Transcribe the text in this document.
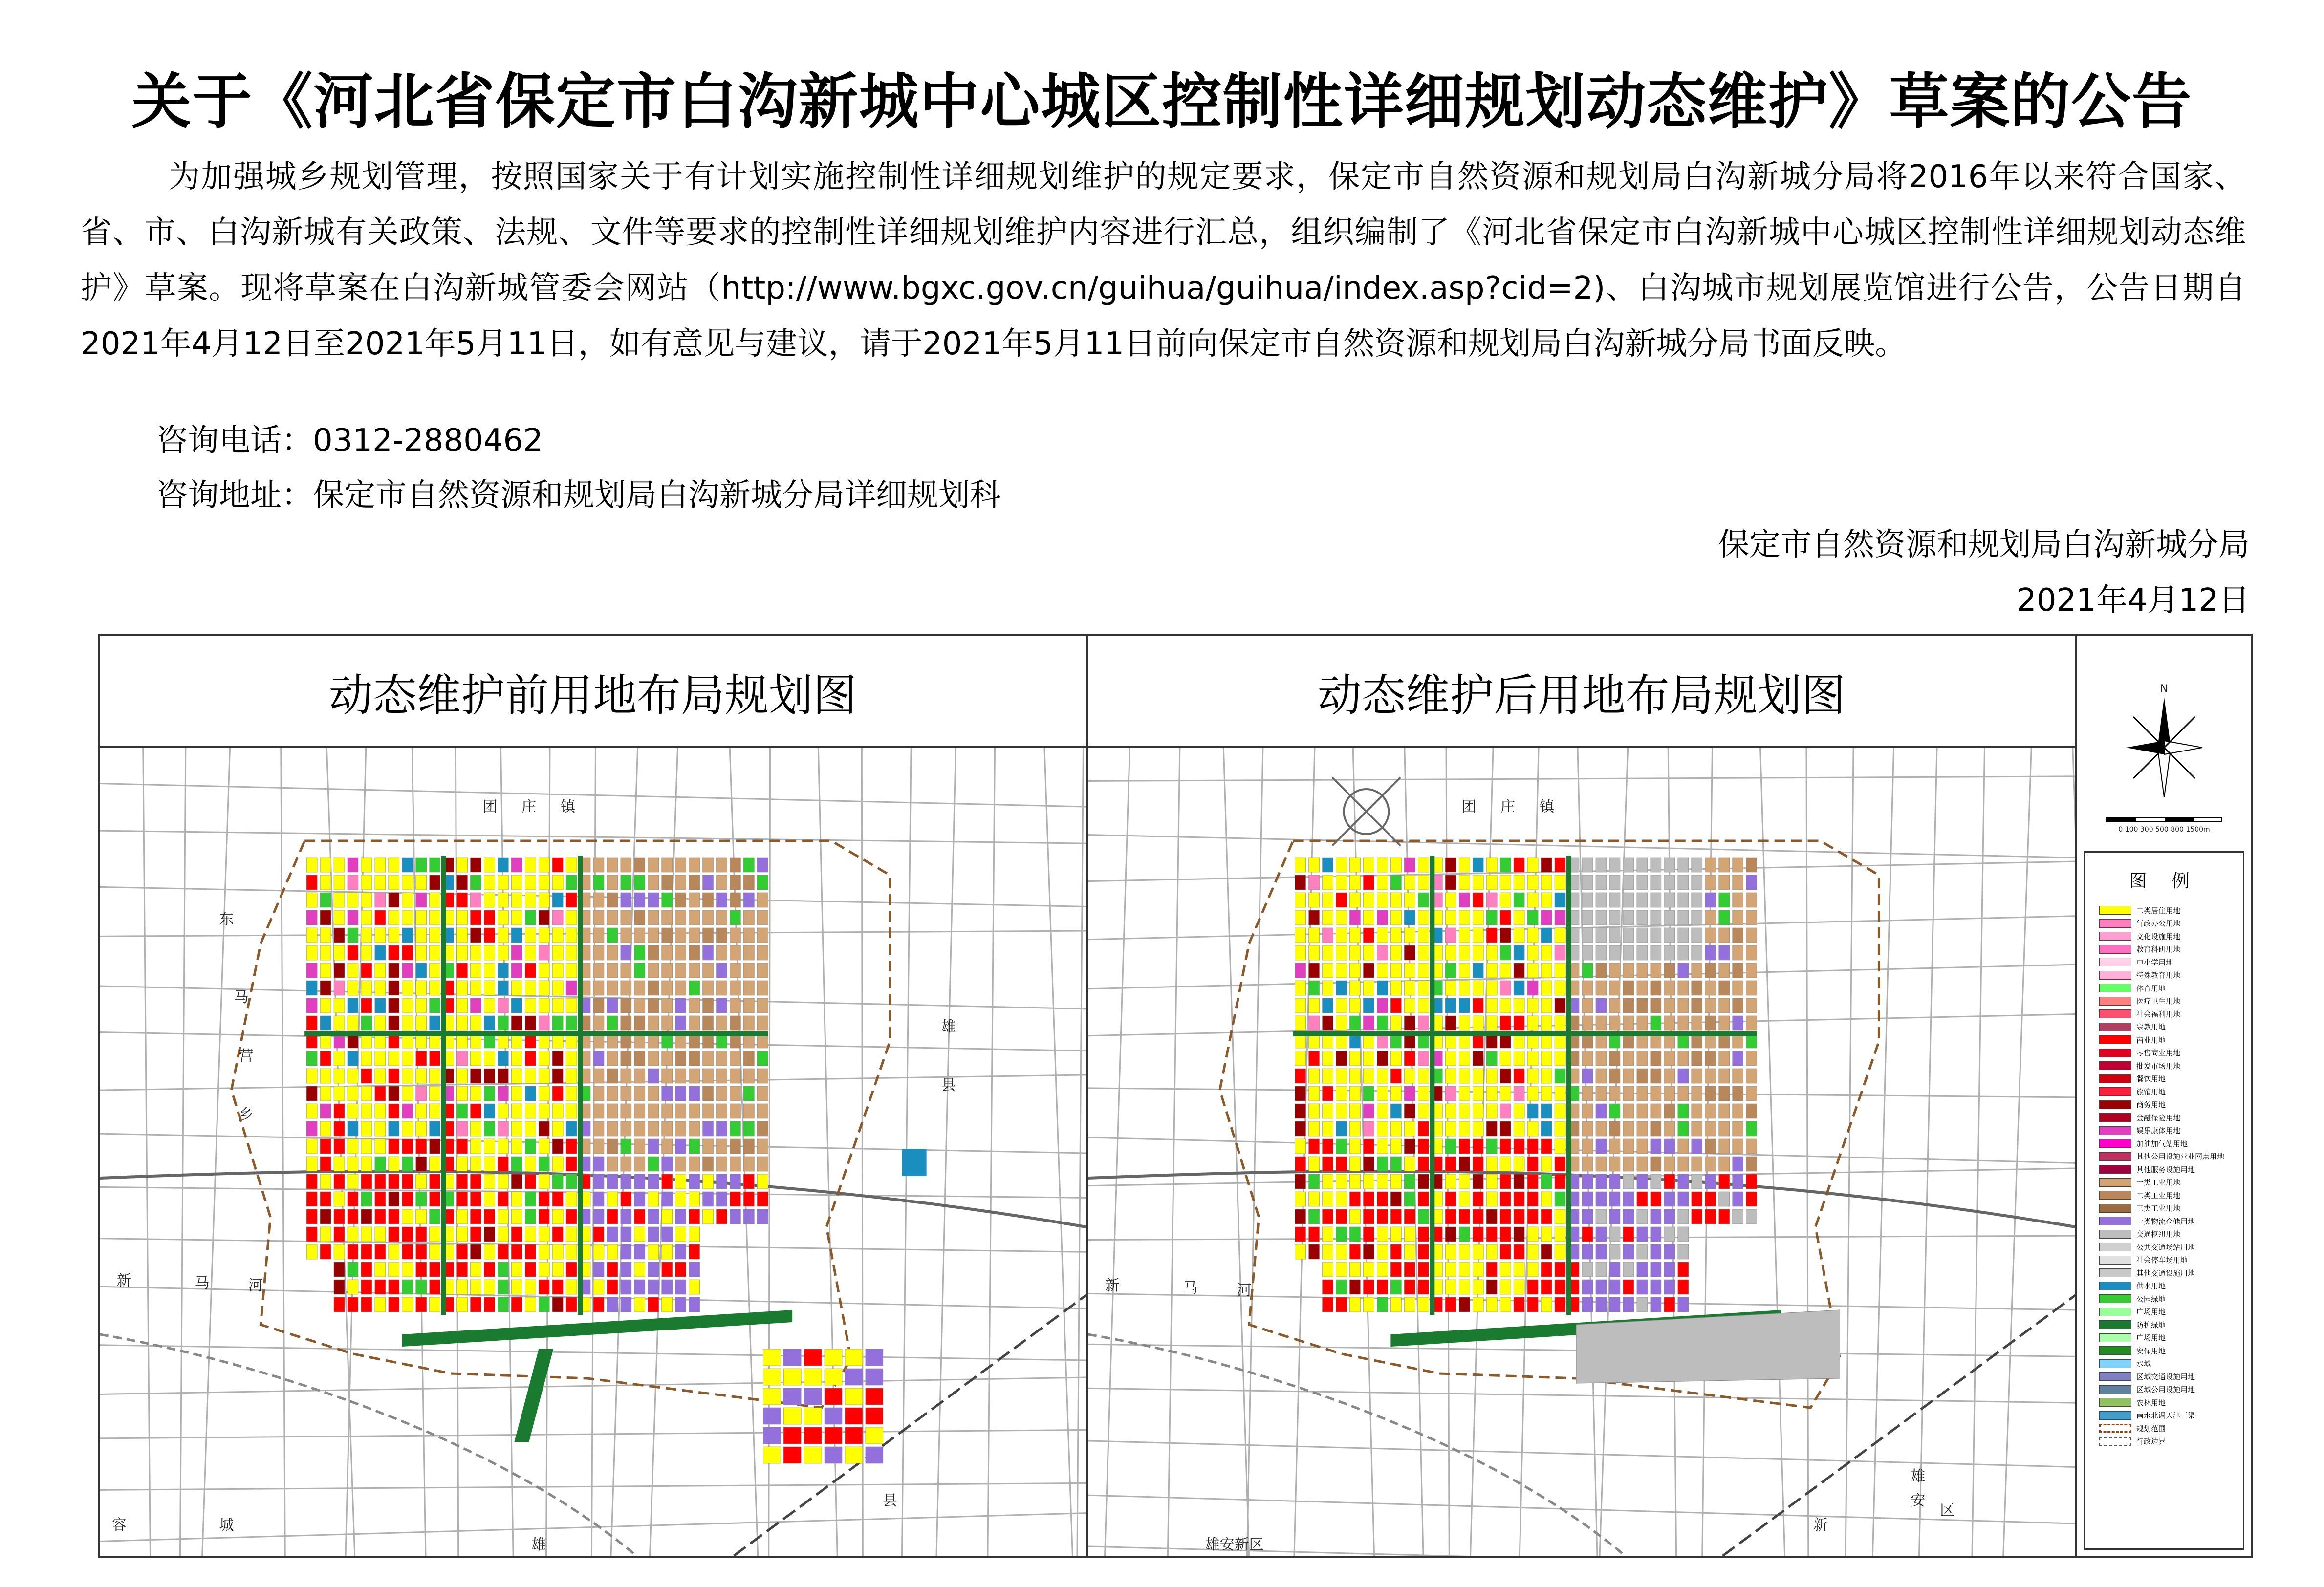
关于《河北省保定市白沟新城中心城区控制性详细规划动态维护》草案的公告

为加强城乡规划管理，按照国家关于有计划实施控制性详细规划维护的规定要求，保定市自然资源和规划局白沟新城分局将2016年以来符合国家、省、市、白沟新城有关政策、法规、文件等要求的控制性详细规划维护内容进行汇总，组织编制了《河北省保定市白沟新城中心城区控制性详细规划动态维护》草案。现将草案在白沟新城管委会网站（http://www.bgxc.gov.cn/guihua/guihua/index.asp?cid=2)、白沟城市规划展览馆进行公告，公告日期自2021年4月12日至2021年5月11日，如有意见与建议，请于2021年5月11日前向保定市自然资源和规划局白沟新城分局书面反映。

咨询电话：0312-2880462
咨询地址：保定市自然资源和规划局白沟新城分局详细规划科
保定市自然资源和规划局白沟新城分局
2021年4月12日
动态维护前用地布局规划图
东
马
营
乡
新	马	河
雄
县
容	城
县
雄
团 庄 镇
动态维护后用地布局规划图
团 庄 镇
新	马	河
雄安新区
雄
安
新
区
N
0 100 300 500 800 1500m
图 例
二类居住用地
行政办公用地
文化设施用地
教育科研用地
中小学用地
特殊教育用地
体育用地
医疗卫生用地
社会福利用地
宗教用地
商业用地
零售商业用地
批发市场用地
餐饮用地
旅馆用地
商务用地
金融保险用地
娱乐康体用地
加油加气站用地
其他公用设施营业网点用地
其他服务设施用地
一类工业用地
二类工业用地
三类工业用地
一类物流仓储用地
交通枢纽用地
公共交通场站用地
社会停车场用地
其他交通设施用地
供水用地
公园绿地
广场用地
防护绿地
广场用地
安保用地
水域
区域交通设施用地
区域公用设施用地
农林用地
南水北调天津干渠
规划范围
行政边界
